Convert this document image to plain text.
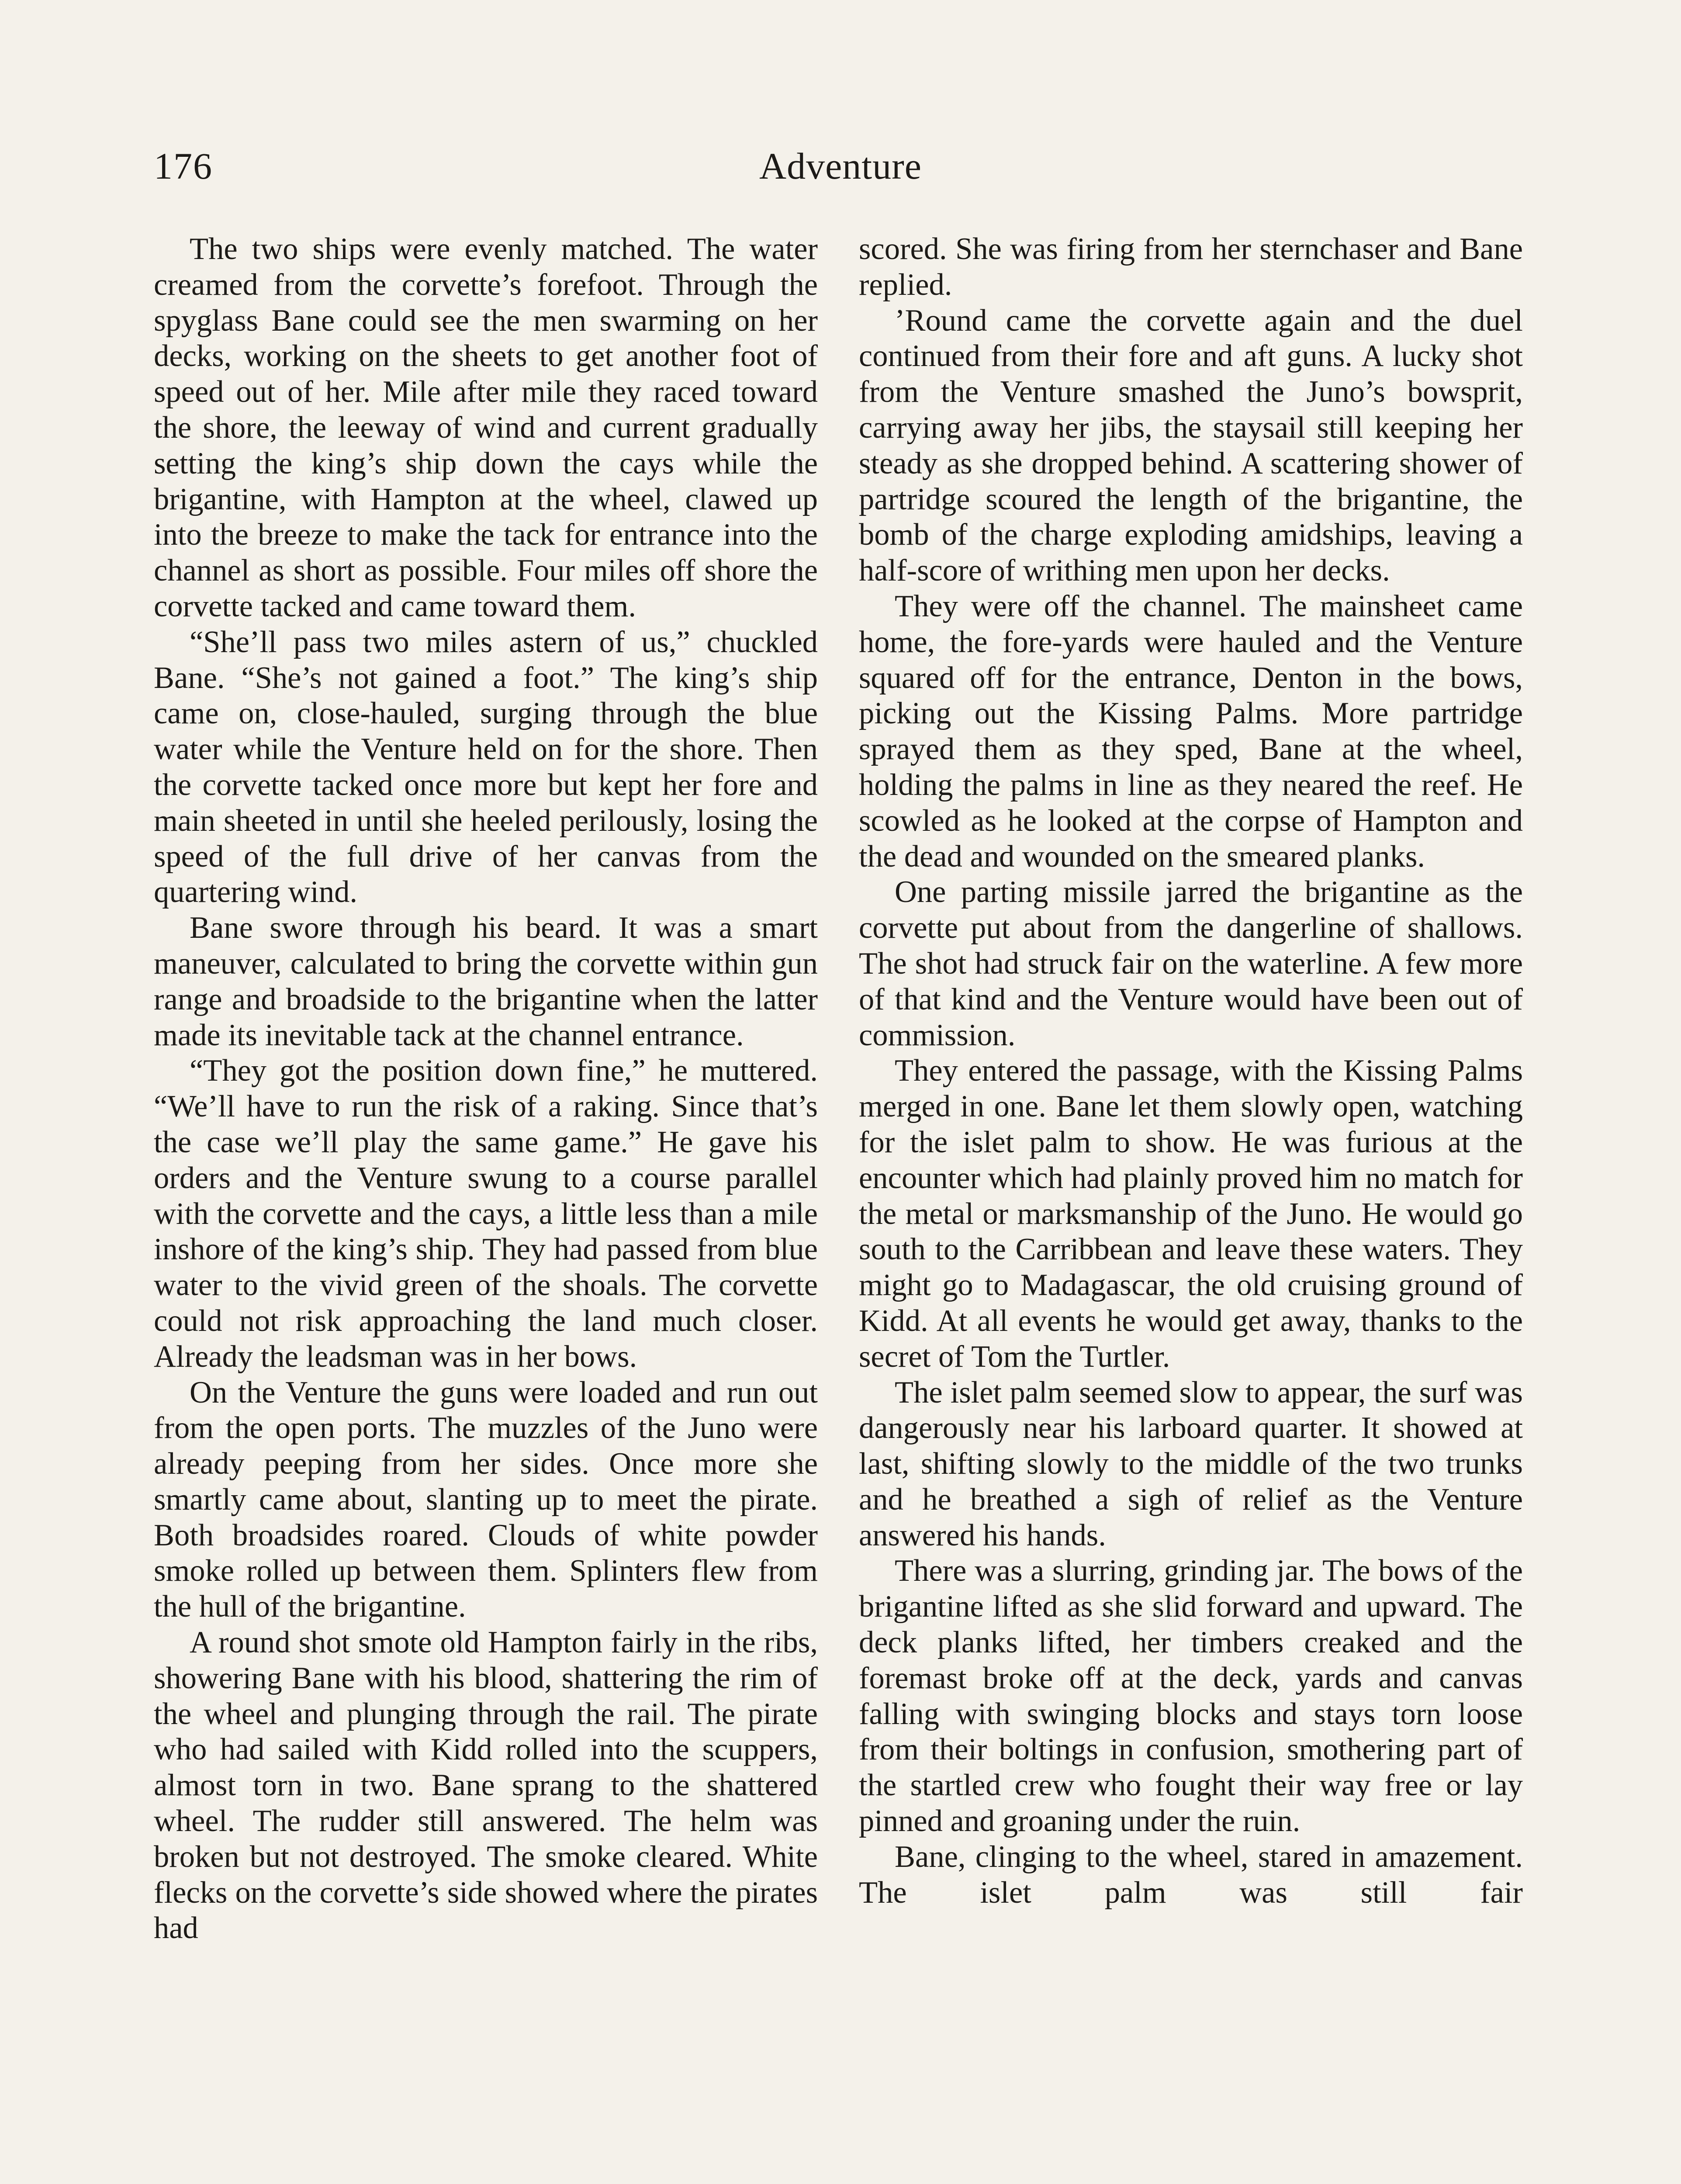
176	Adventure

The two ships were evenly matched. The water creamed from the corvette’s forefoot. Through the spyglass Bane could see the men swarming on her decks, working on the sheets to get another foot of speed out of her. Mile after mile they raced toward the shore, the leeway of wind and current gradually setting the king’s ship down the cays while the brigantine, with Hampton at the wheel, clawed up into the breeze to make the tack for entrance into the channel as short as possible. Four miles off shore the corvette tacked and came toward them.

“She’ll pass two miles astern of us,” chuckled Bane. “She’s not gained a foot.” The king’s ship came on, close-hauled, surging through the blue water while the Venture held on for the shore. Then the corvette tacked once more but kept her fore and main sheeted in until she heeled perilously, losing the speed of the full drive of her canvas from the quartering wind.

Bane swore through his beard. It was a smart maneuver, calculated to bring the corvette within gun range and broadside to the brigantine when the latter made its inevitable tack at the channel entrance.

“They got the position down fine,” he muttered. “We’ll have to run the risk of a raking. Since that’s the case we’ll play the same game.” He gave his orders and the Venture swung to a course parallel with the corvette and the cays, a little less than a mile inshore of the king’s ship. They had passed from blue water to the vivid green of the shoals. The corvette could not risk approaching the land much closer. Already the leadsman was in her bows.

On the Venture the guns were loaded and run out from the open ports. The muzzles of the Juno were already peeping from her sides. Once more she smartly came about, slanting up to meet the pirate. Both broadsides roared. Clouds of white powder smoke rolled up between them. Splinters flew from the hull of the brigantine.

A round shot smote old Hampton fairly in the ribs, showering Bane with his blood, shattering the rim of the wheel and plunging through the rail. The pirate who had sailed with Kidd rolled into the scuppers, almost torn in two. Bane sprang to the shattered wheel. The rudder still answered. The helm was broken but not destroyed. The smoke cleared. White flecks on the corvette’s side showed where the pirates had

scored. She was firing from her sternchaser and Bane replied.

’Round came the corvette again and the duel continued from their fore and aft guns. A lucky shot from the Venture smashed the Juno’s bowsprit, carrying away her jibs, the staysail still keeping her steady as she dropped behind. A scattering shower of partridge scoured the length of the brigantine, the bomb of the charge exploding amidships, leaving a half-score of writhing men upon her decks.

They were off the channel. The mainsheet came home, the fore-yards were hauled and the Venture squared off for the entrance, Denton in the bows, picking out the Kissing Palms. More partridge sprayed them as they sped, Bane at the wheel, holding the palms in line as they neared the reef. He scowled as he looked at the corpse of Hampton and the dead and wounded on the smeared planks.

One parting missile jarred the brigantine as the corvette put about from the dangerline of shallows. The shot had struck fair on the waterline. A few more of that kind and the Venture would have been out of commission.

They entered the passage, with the Kissing Palms merged in one. Bane let them slowly open, watching for the islet palm to show. He was furious at the encounter which had plainly proved him no match for the metal or marksmanship of the Juno. He would go south to the Carribbean and leave these waters. They might go to Madagascar, the old cruising ground of Kidd. At all events he would get away, thanks to the secret of Tom the Turtler.

The islet palm seemed slow to appear, the surf was dangerously near his larboard quarter. It showed at last, shifting slowly to the middle of the two trunks and he breathed a sigh of relief as the Venture answered his hands.

There was a slurring, grinding jar. The bows of the brigantine lifted as she slid forward and upward. The deck planks lifted, her timbers creaked and the foremast broke off at the deck, yards and canvas falling with swinging blocks and stays torn loose from their boltings in confusion, smothering part of the startled crew who fought their way free or lay pinned and groaning under the ruin.

Bane, clinging to the wheel, stared in amazement. The islet palm was still fair
